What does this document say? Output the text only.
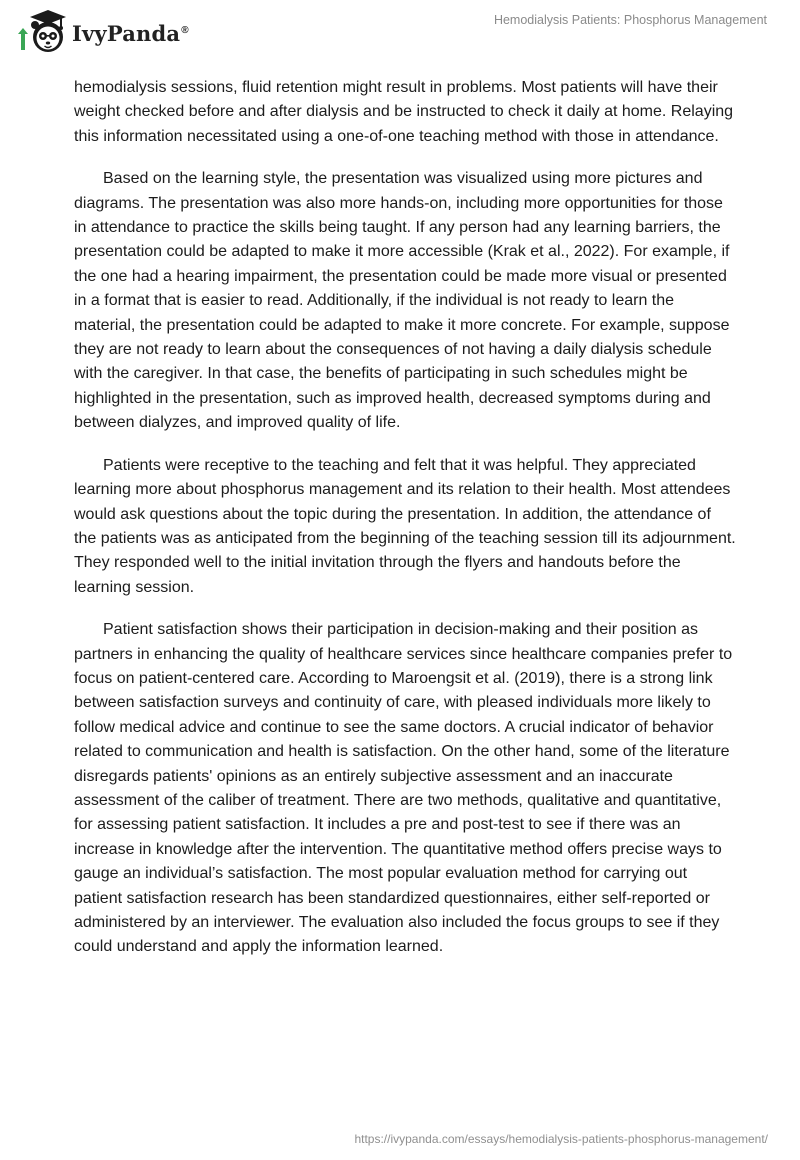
IvyPanda®
Hemodialysis Patients: Phosphorus Management

hemodialysis sessions, fluid retention might result in problems. Most patients will have their weight checked before and after dialysis and be instructed to check it daily at home. Relaying this information necessitated using a one-of-one teaching method with those in attendance.

Based on the learning style, the presentation was visualized using more pictures and diagrams. The presentation was also more hands-on, including more opportunities for those in attendance to practice the skills being taught. If any person had any learning barriers, the presentation could be adapted to make it more accessible (Krak et al., 2022). For example, if the one had a hearing impairment, the presentation could be made more visual or presented in a format that is easier to read. Additionally, if the individual is not ready to learn the material, the presentation could be adapted to make it more concrete. For example, suppose they are not ready to learn about the consequences of not having a daily dialysis schedule with the caregiver. In that case, the benefits of participating in such schedules might be highlighted in the presentation, such as improved health, decreased symptoms during and between dialyzes, and improved quality of life.

Patients were receptive to the teaching and felt that it was helpful. They appreciated learning more about phosphorus management and its relation to their health. Most attendees would ask questions about the topic during the presentation. In addition, the attendance of the patients was as anticipated from the beginning of the teaching session till its adjournment. They responded well to the initial invitation through the flyers and handouts before the learning session.

Patient satisfaction shows their participation in decision-making and their position as partners in enhancing the quality of healthcare services since healthcare companies prefer to focus on patient-centered care. According to Maroengsit et al. (2019), there is a strong link between satisfaction surveys and continuity of care, with pleased individuals more likely to follow medical advice and continue to see the same doctors. A crucial indicator of behavior related to communication and health is satisfaction. On the other hand, some of the literature disregards patients' opinions as an entirely subjective assessment and an inaccurate assessment of the caliber of treatment. There are two methods, qualitative and quantitative, for assessing patient satisfaction. It includes a pre and post-test to see if there was an increase in knowledge after the intervention. The quantitative method offers precise ways to gauge an individual’s satisfaction. The most popular evaluation method for carrying out patient satisfaction research has been standardized questionnaires, either self-reported or administered by an interviewer. The evaluation also included the focus groups to see if they could understand and apply the information learned.

https://ivypanda.com/essays/hemodialysis-patients-phosphorus-management/
